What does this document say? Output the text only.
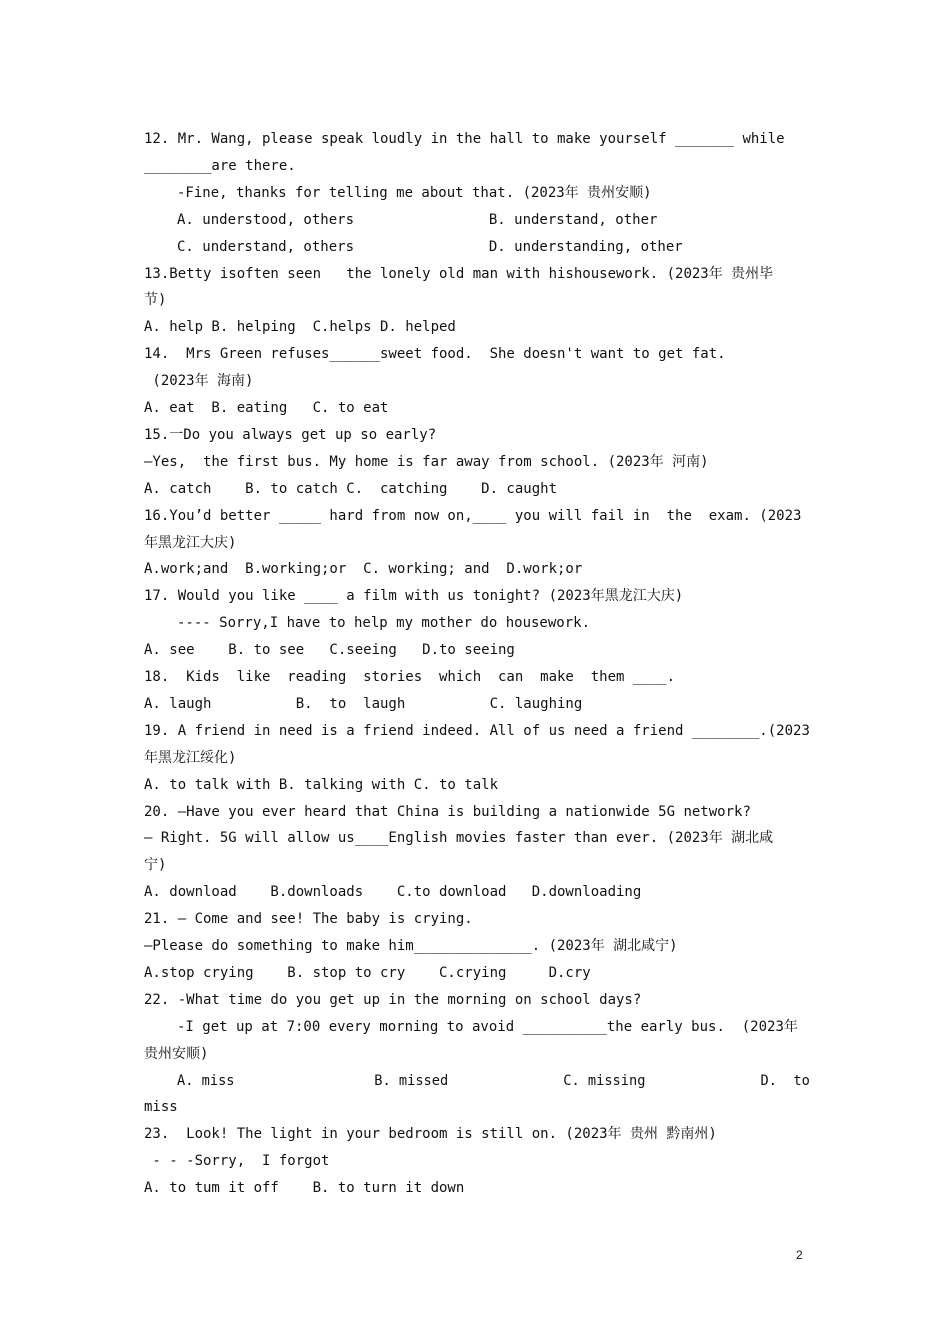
12. Mr. Wang, please speak loudly in the hall to make yourself _______ while
________are there.
-Fine, thanks for telling me about that. (2023年 贵州安顺)
A. understood, others                B. understand, other
C. understand, others                D. understanding, other
13.Betty isoften seen   the lonely old man with hishousework. (2023年 贵州毕
节)
A. help B. helping  C.helps D. helped
14.  Mrs Green refuses______sweet food.  She doesn't want to get fat.
(2023年 海南)
A. eat  B. eating   C. to eat
15.一Do you always get up so early?
—Yes,  the first bus. My home is far away from school. (2023年 河南)
A. catch    B. to catch C.  catching    D. caught
16.You’d better _____ hard from now on,____ you will fail in  the  exam. (2023
年黑龙江大庆)
A.work;and  B.working;or  C. working; and  D.work;or
17. Would you like ____ a film with us tonight? (2023年黑龙江大庆)
---- Sorry,I have to help my mother do housework.
A. see    B. to see   C.seeing   D.to seeing
18.  Kids  like  reading  stories  which  can  make  them ____.
A. laugh          B.  to  laugh          C. laughing
19. A friend in need is a friend indeed. All of us need a friend ________.(2023
年黑龙江绥化)
A. to talk with B. talking with C. to talk
20. —Have you ever heard that China is building a nationwide 5G network?
— Right. 5G will allow us____English movies faster than ever. (2023年 湖北咸
宁)
A. download    B.downloads    C.to download   D.downloading
21. — Come and see! The baby is crying.
—Please do something to make him______________. (2023年 湖北咸宁)
A.stop crying    B. stop to cry    C.crying     D.cry
22. -What time do you get up in the morning on school days?
-I get up at 7:00 every morning to avoid __________the early bus.  (2023年
贵州安顺)
A. miss                 B. missed              C. missing              D.  to
miss
23.  Look! The light in your bedroom is still on. (2023年 贵州 黔南州)
- - -Sorry,  I forgot
A. to tum it off    B. to turn it down
2
